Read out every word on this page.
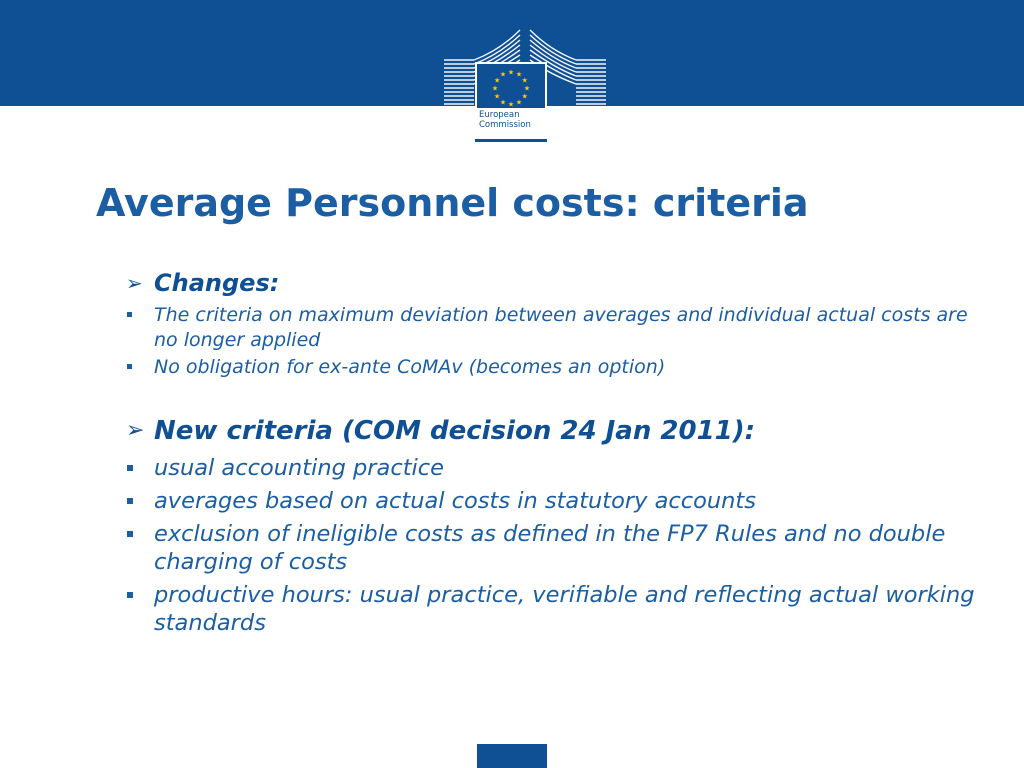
★ ★
★
★
★
★
★
★
★
★
★
★
European
Commission
Average Personnel costs: criteria
➢ Changes:
The criteria on maximum deviation between averages and individual actual costs are no longer applied
No obligation for ex-ante CoMAv (becomes an option)
➢ New criteria (COM decision 24 Jan 2011):
usual accounting practice
averages based on actual costs in statutory accounts
exclusion of ineligible costs as defined in the FP7 Rules and no double charging of costs
productive hours: usual practice, verifiable and reflecting actual working standards
